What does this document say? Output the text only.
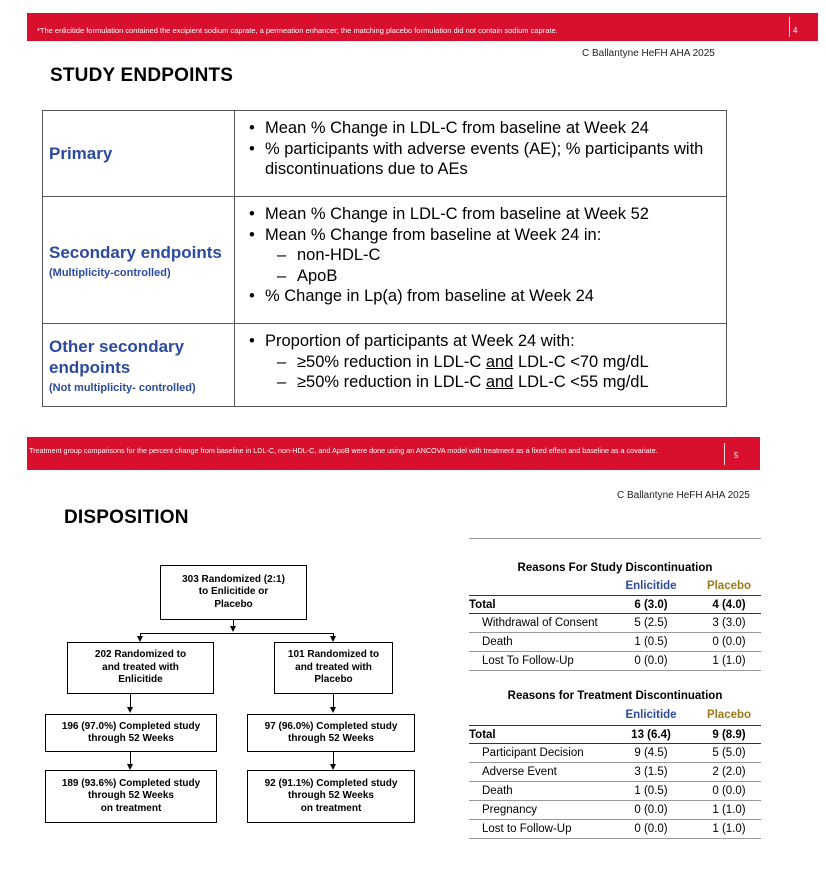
*The enlicitide formulation contained the excipient sodium caprate, a permeation enhancer; the matching placebo formulation did not contain sodium caprate.	4
C Ballantyne HeFH AHA 2025
STUDY ENDPOINTS
Primary
• Mean % Change in LDL-C from baseline at Week 24
• % participants with adverse events (AE); % participants with discontinuations due to AEs
Secondary endpoints
(Multiplicity-controlled)
• Mean % Change in LDL-C from baseline at Week 52
• Mean % Change from baseline at Week 24 in:
– non-HDL-C
– ApoB
• % Change in Lp(a) from baseline at Week 24
Other secondary endpoints
(Not multiplicity- controlled)
• Proportion of participants at Week 24 with:
– ≥50% reduction in LDL-C and LDL-C <70 mg/dL
– ≥50% reduction in LDL-C and LDL-C <55 mg/dL
Treatment group comparisons for the percent change from baseline in LDL-C, non-HDL-C, and ApoB were done using an ANCOVA model with treatment as a fixed effect and baseline as a covariate.
5
C Ballantyne HeFH AHA 2025
DISPOSITION
303 Randomized (2:1)
to Enlicitide or
Placebo
202 Randomized to
and treated with
Enlicitide
101 Randomized to
and treated with
Placebo
196 (97.0%) Completed study
through 52 Weeks
97 (96.0%) Completed study
through 52 Weeks
189 (93.6%) Completed study
through 52 Weeks
on treatment
92 (91.1%) Completed study
through 52 Weeks
on treatment
Reasons For Study Discontinuation
Enlicitide	Placebo
Total	6 (3.0)	4 (4.0)
Withdrawal of Consent	5 (2.5)	3 (3.0)
Death	1 (0.5)	0 (0.0)
Lost To Follow-Up	0 (0.0)	1 (1.0)
Reasons for Treatment Discontinuation
Enlicitide	Placebo
Total	13 (6.4)	9 (8.9)
Participant Decision	9 (4.5)	5 (5.0)
Adverse Event	3 (1.5)	2 (2.0)
Death	1 (0.5)	0 (0.0)
Pregnancy	0 (0.0)	1 (1.0)
Lost to Follow-Up	0 (0.0)	1 (1.0)
